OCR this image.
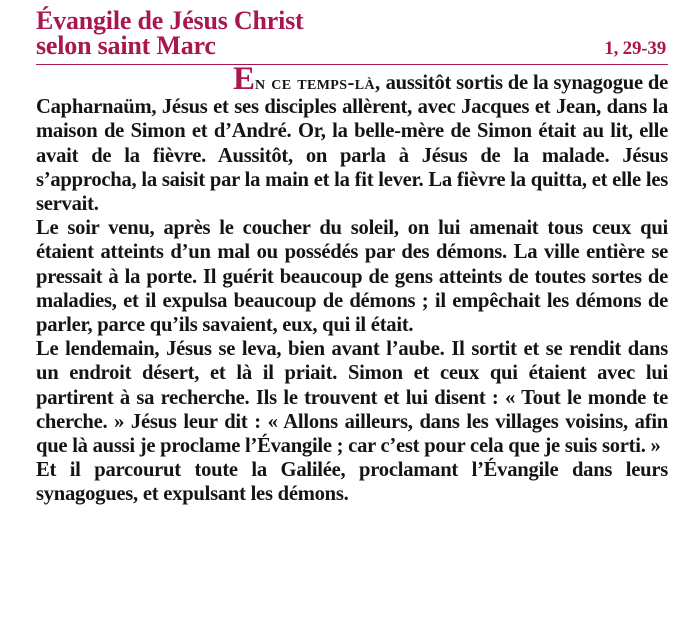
Évangile de Jésus Christ
selon saint Marc	1, 29-39

En ce temps-là, aussitôt sortis de la synagogue de Capharnaüm, Jésus et ses disciples allèrent, avec Jacques et Jean, dans la maison de Simon et d’André. Or, la belle-mère de Simon était au lit, elle avait de la fièvre. Aussitôt, on parla à Jésus de la malade. Jésus s’approcha, la saisit par la main et la fit lever. La fièvre la quitta, et elle les servait.

Le soir venu, après le coucher du soleil, on lui amenait tous ceux qui étaient atteints d’un mal ou possédés par des démons. La ville entière se pressait à la porte. Il guérit beaucoup de gens atteints de toutes sortes de maladies, et il expulsa beaucoup de démons ; il empêchait les démons de parler, parce qu’ils savaient, eux, qui il était.

Le lendemain, Jésus se leva, bien avant l’aube. Il sortit et se rendit dans un endroit désert, et là il priait. Simon et ceux qui étaient avec lui partirent à sa recherche. Ils le trouvent et lui disent : « Tout le monde te cherche. » Jésus leur dit : « Allons ailleurs, dans les villages voisins, afin que là aussi je proclame l’Évangile ; car c’est pour cela que je suis sorti. »

Et il parcourut toute la Galilée, proclamant l’Évangile dans leurs synagogues, et expulsant les démons.
